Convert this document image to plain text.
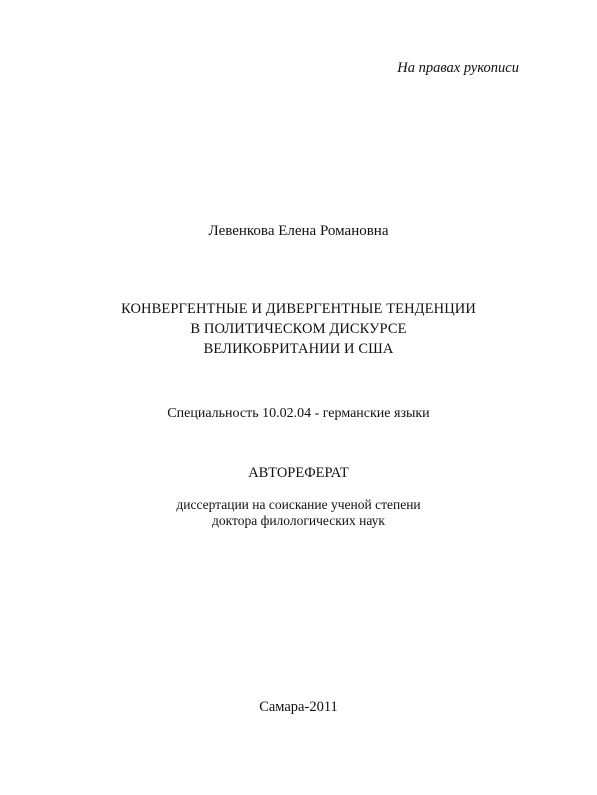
На правах рукописи
Левенкова Елена Романовна
КОНВЕРГЕНТНЫЕ И ДИВЕРГЕНТНЫЕ ТЕНДЕНЦИИ
В ПОЛИТИЧЕСКОМ ДИСКУРСЕ
ВЕЛИКОБРИТАНИИ И США
Специальность 10.02.04 - германские языки
АВТОРЕФЕРАТ
диссертации на соискание ученой степени
доктора филологических наук
Самара-2011
